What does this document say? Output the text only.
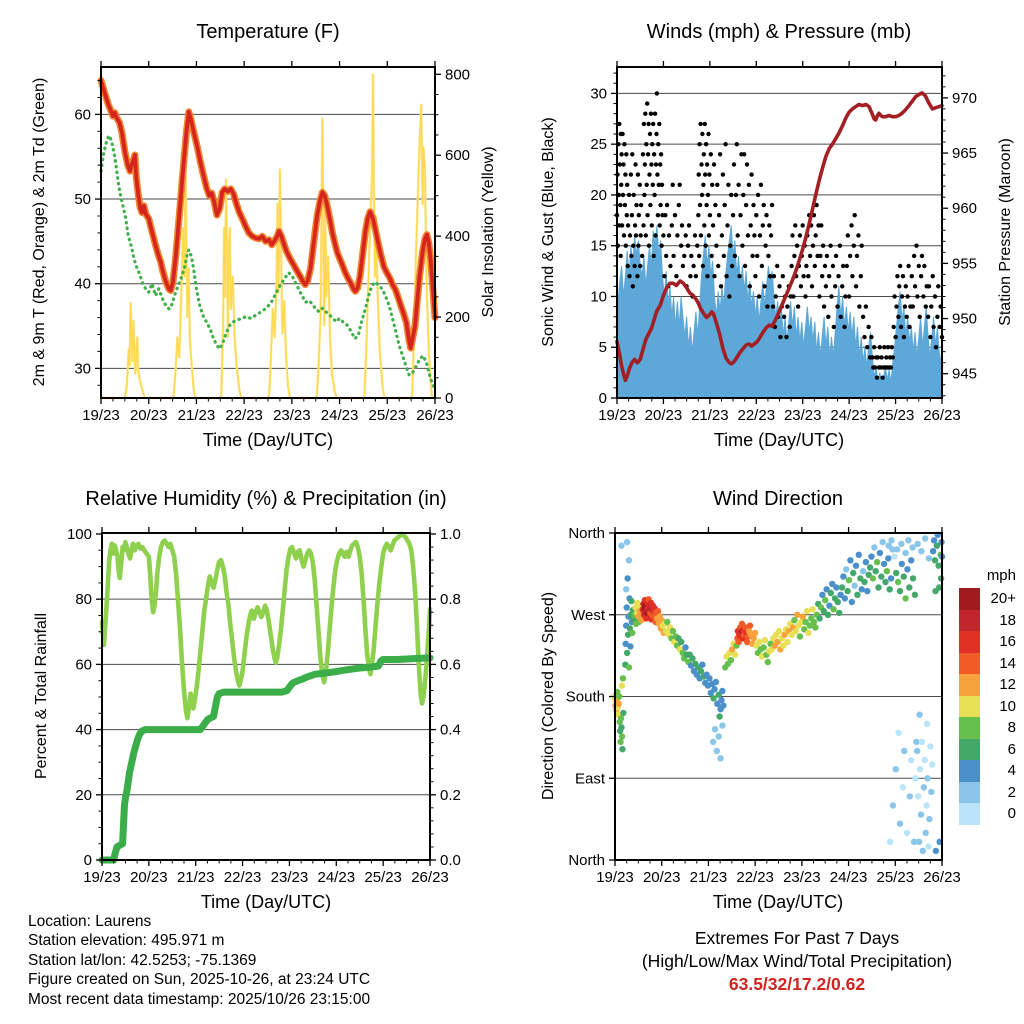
19/23 20/23 21/23 22/23 23/23 24/23 25/23 26/23
30
40
50
60
0
200
400
600
800
19/23 20/23 21/23 22/23 23/23 24/23 25/23 26/23
0
5
10
15
20
25
30
945
950
955
960
965
970
19/23 20/23 21/23 22/23 23/23 24/23 25/23 26/23
0
20
40
60
80
100
0.0
0.2
0.4
0.6
0.8
1.0
19/23 20/23 21/23 22/23 23/23 24/23 25/23 26/23
North
West
South
East
North
Temperature (F)	Winds (mph) & Pressure (mb)
Relative Humidity (%) & Precipitation (in)	Wind Direction
2m & 9m T (Red, Orange) & 2m Td (Green)	Solar Insolation (Yellow)	Sonic Wind & Gust (Blue, Black)	Station Pressure (Maroon)
Percent & Total Rainfall	Direction (Colored By Speed)
Time (Day/UTC)	Time (Day/UTC)
Time (Day/UTC)	Time (Day/UTC)
mph
20+
18
16
14
12
10
8
6
4
2
0
Location: Laurens
Station elevation: 495.971 m
Station lat/lon: 42.5253; -75.1369
Figure created on Sun, 2025-10-26, at 23:24 UTC
Most recent data timestamp: 2025/10/26 23:15:00
Extremes For Past 7 Days
(High/Low/Max Wind/Total Precipitation)
63.5/32/17.2/0.62
